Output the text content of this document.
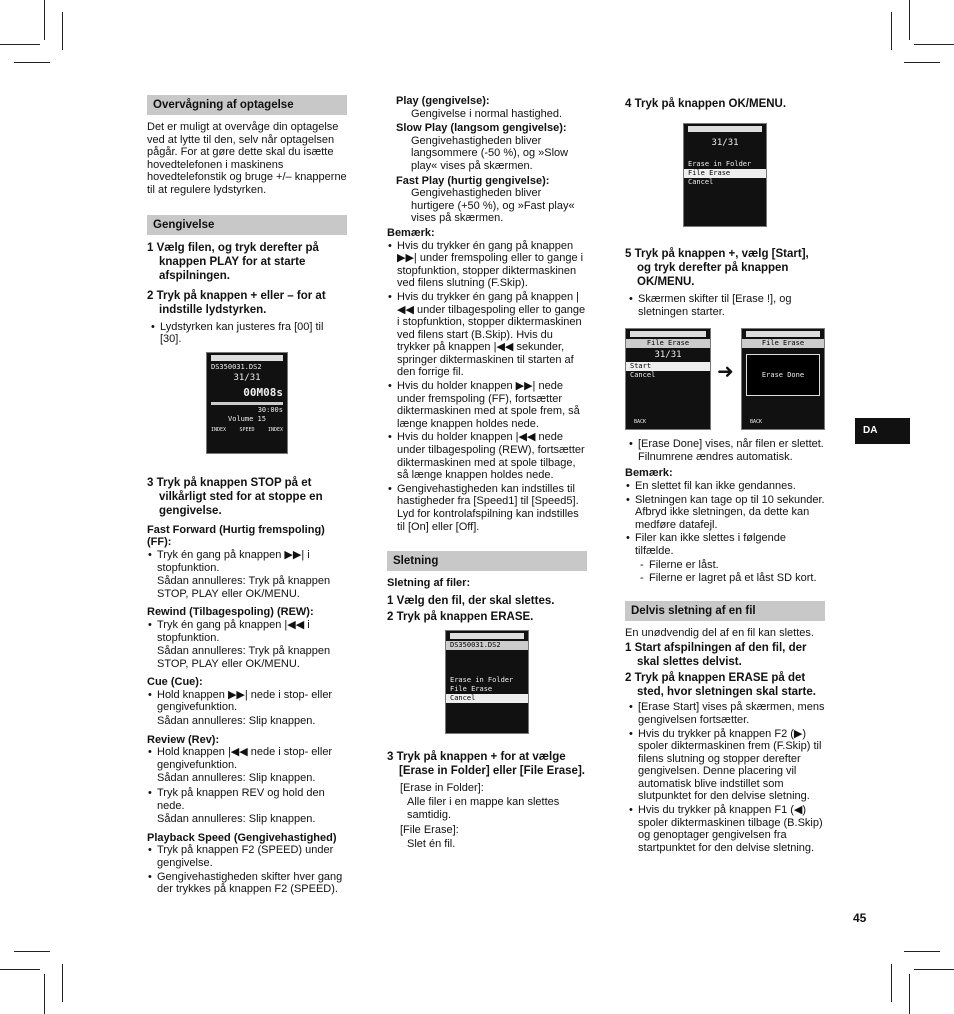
Overvågning af optagelse

Det er muligt at overvåge din optagelse ved at lytte til den, selv når optagelsen pågår. For at gøre dette skal du isætte hovedtelefonen i maskinens hovedtelefonstik og bruge +/– knapperne til at regulere lydstyrken.

Gengivelse
1 Vælg filen, og tryk derefter på knappen PLAY for at starte afspilningen.
2 Tryk på knappen + eller – for at indstille lydstyrken.
• Lydstyrken kan justeres fra [00] til [30].
DS350031.DS2
31/31
00M08s
30:00s
Volume 15
INDEX	SPEED	INDEX
3 Tryk på knappen STOP på et vilkårligt sted for at stoppe en gengivelse.
Fast Forward (Hurtig fremspoling) (FF):
• Tryk én gang på knappen ▶▶| i stopfunktion.

Sådan annulleres: Tryk på knappen STOP, PLAY eller OK/MENU.

Rewind (Tilbagespoling) (REW):
• Tryk én gang på knappen |◀◀ i stopfunktion.

Sådan annulleres: Tryk på knappen STOP, PLAY eller OK/MENU.

Cue (Cue):
• Hold knappen ▶▶| nede i stop- eller gengivefunktion.

Sådan annulleres: Slip knappen.

Review (Rev):
• Hold knappen |◀◀ nede i stop- eller gengivefunktion.

Sådan annulleres: Slip knappen.

• Tryk på knappen REV og hold den nede.

Sådan annulleres: Slip knappen.

Playback Speed (Gengivehastighed)
• Tryk på knappen F2 (SPEED) under gengivelse.
• Gengivehastigheden skifter hver gang der trykkes på knappen F2 (SPEED).

Play (gengivelse):

Gengivelse i normal hastighed.

Slow Play (langsom gengivelse):

Gengivehastigheden bliver langsommere (-50 %), og »Slow play« vises på skærmen.

Fast Play (hurtig gengivelse):

Gengivehastigheden bliver hurtigere (+50 %), og »Fast play« vises på skærmen.

Bemærk:

• Hvis du trykker én gang på knappen ▶▶| under fremspoling eller to gange i stopfunktion, stopper diktermaskinen ved filens slutning (F.Skip).
• Hvis du trykker én gang på knappen |◀◀ under tilbagespoling eller to gange i stopfunktion, stopper diktermaskinen ved filens start (B.Skip). Hvis du trykker på knappen |◀◀ sekunder, springer diktermaskinen til starten af den forrige fil.
• Hvis du holder knappen ▶▶| nede under fremspoling (FF), fortsætter diktermaskinen med at spole frem, så længe knappen holdes nede.
• Hvis du holder knappen |◀◀ nede under tilbagespoling (REW), fortsætter diktermaskinen med at spole tilbage, så længe knappen holdes nede.
• Gengivehastigheden kan indstilles til hastigheder fra [Speed1] til [Speed5]. Lyd for kontrolafspilning kan indstilles til [On] eller [Off].
Sletning

Sletning af filer:

1 Vælg den fil, der skal slettes.
2 Tryk på knappen ERASE.
DS350031.DS2
Erase in Folder
File Erase
Cancel
3 Tryk på knappen + for at vælge [Erase in Folder] eller [File Erase].

[Erase in Folder]:

Alle filer i en mappe kan slettes samtidig.

[File Erase]:

Slet én fil.

4 Tryk på knappen OK/MENU.
31/31
Erase in Folder
File Erase
Cancel
5 Tryk på knappen +, vælg [Start], og tryk derefter på knappen OK/MENU.
• Skærmen skifter til [Erase !], og sletningen starter.
File Erase
31/31
Start
Cancel
BACK
➜
File Erase
Erase Done
BACK
• [Erase Done] vises, når filen er slettet. Filnumrene ændres automatisk.

Bemærk:

• En slettet fil kan ikke gendannes.
• Sletningen kan tage op til 10 sekunder. Afbryd ikke sletningen, da dette kan medføre datafejl.
• Filer kan ikke slettes i følgende tilfælde.
- Filerne er låst.
- Filerne er lagret på et låst SD kort.
Delvis sletning af en fil

En unødvendig del af en fil kan slettes.

1 Start afspilningen af den fil, der skal slettes delvist.
2 Tryk på knappen ERASE på det sted, hvor sletningen skal starte.
• [Erase Start] vises på skærmen, mens gengivelsen fortsætter.
• Hvis du trykker på knappen F2 (▶) spoler diktermaskinen frem (F.Skip) til filens slutning og stopper derefter gengivelsen. Denne placering vil automatisk blive indstillet som slutpunktet for den delvise sletning.
• Hvis du trykker på knappen F1 (◀) spoler diktermaskinen tilbage (B.Skip) og genoptager gengivelsen fra startpunktet for den delvise sletning.
DA
45
